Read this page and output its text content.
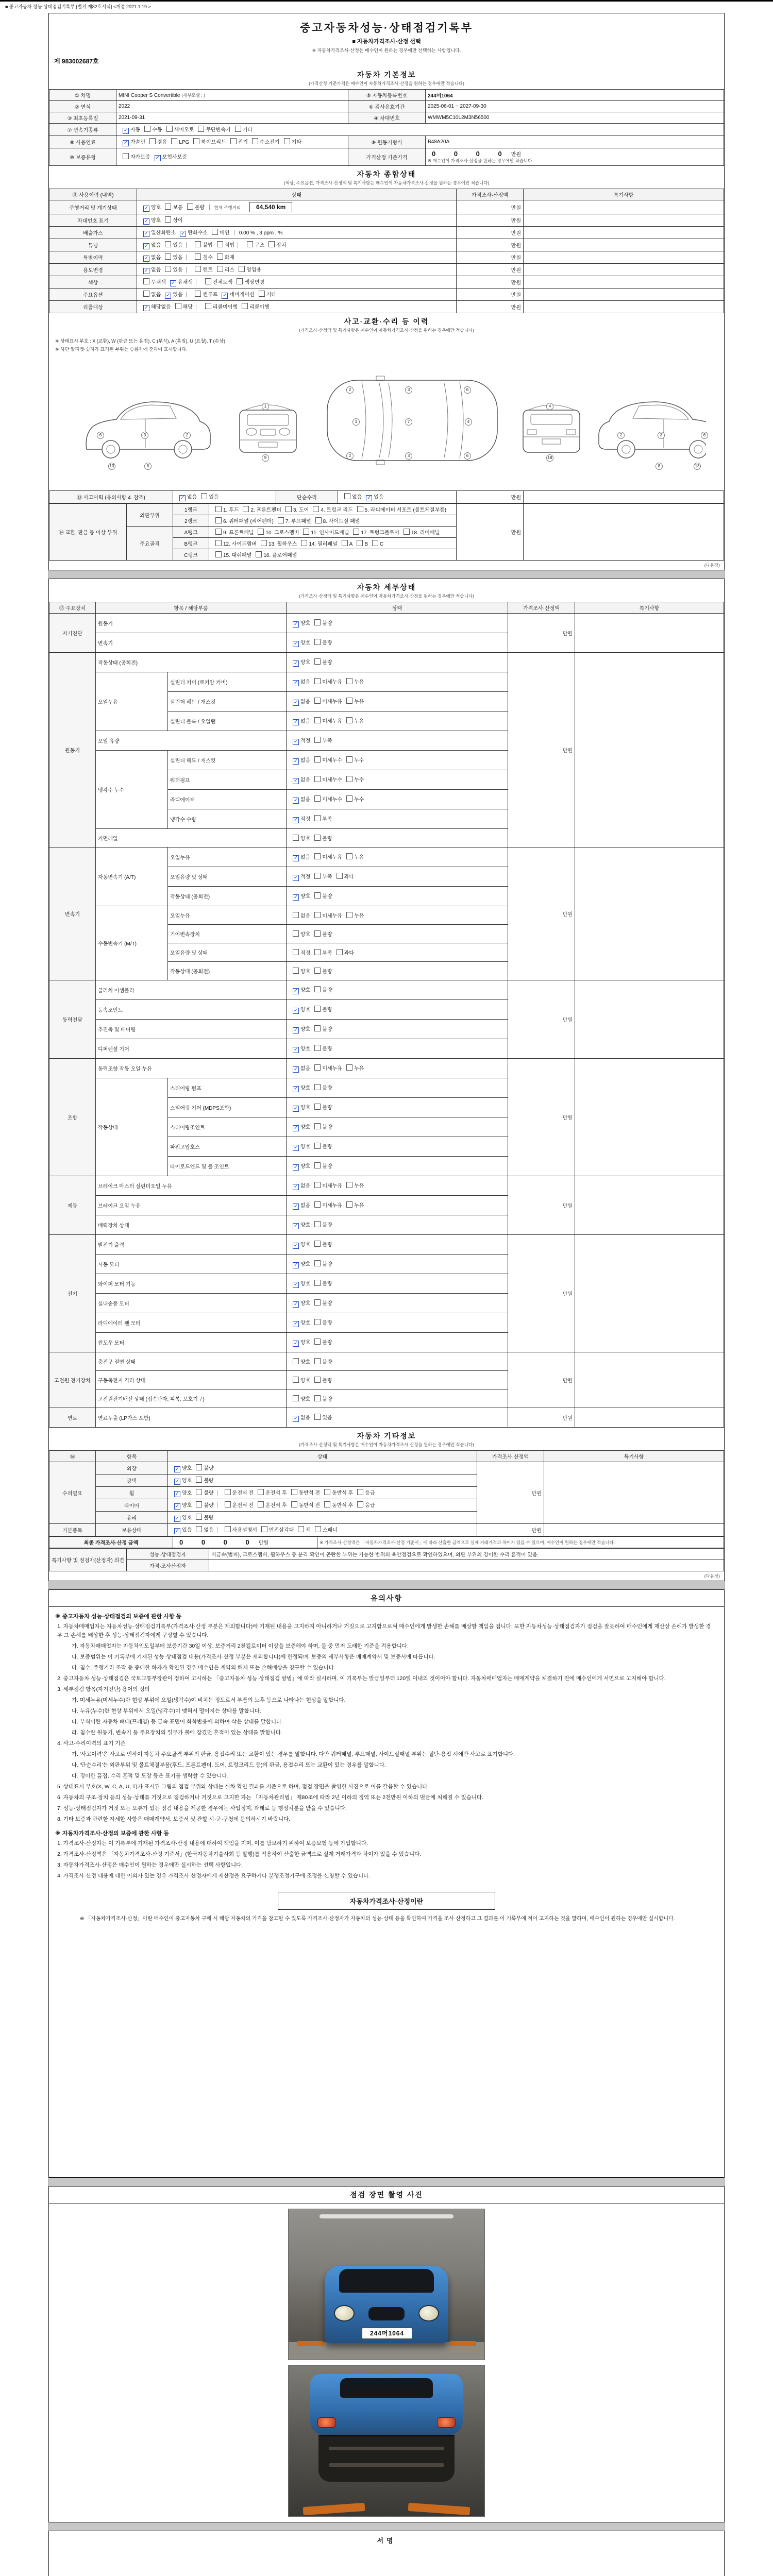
■ 중고자동차 성능·상태점검기록부 [별지 제82호서식] <개정 2021.1.19.>
중고자동차성능·상태점검기록부
■ 자동차가격조사·산정 선택
※ 자동차가격조사·산정은 매수인이 원하는 경우에만 선택하는 사항입니다.
제 983002687호
자동차 기본정보
(가격산정 기준가격은 매수인이 자동차가격조사·산정을 원하는 경우에만 적습니다)
① 차명	MINI Cooper S Convertible (세부모델 : )	⑤ 자동차등록번호	244머1064
② 연식	2022	⑥ 검사유효기간	2025-06-01 ~ 2027-09-30
③ 최초등록일	2021-09-31	④ 차대번호	WMWM5C10L2M3N56500
⑦ 변속기종류	✓ 자동 수동 세미오토 무단변속기 기타		
⑧ 사용연료	✓ 가솔린 경유 LPG 하이브리드 전기 수소전기 기타	⑨ 원동기형식	B48A20A
⑩ 보증유형	자가보증 ✓ 보험사보증	가격산정 기준가격	0 0 0 0 만원
※ 매수인이 가격조사·산정을 원하는 경우에만 적습니다
자동차 종합상태
(색상, 주요옵션, 가격조사·산정액 및 특기사항은 매수인이 자동차가격조사·산정을 원하는 경우에만 적습니다)
⑪ 사용이력 (내역)	상태	가격조사·산정액	특기사항
주행거리 및 계기상태	✓ 양호 보통 불량 현재 주행거리 64,540 km	만원	
차대번호 표기	✓ 양호 상이	만원	
배출가스	✓ 일산화탄소 ✓ 탄화수소 매연 0.00 % , 3 ppm , %	만원	
튜닝	✓ 없음 있음 불법 적법 구조 장치	만원	
특별이력	✓ 없음 있음 침수 화재	만원	
용도변경	✓ 없음 있음 렌트 리스 영업용	만원	
색상	무채색 ✓ 유채색 전체도색 색상변경	만원	
주요옵션	없음 ✓ 있음 썬루프 ✓ 네비게이션 기타	만원	
리콜대상	✓ 해당없음 해당 리콜미이행 리콜이행	만원	
사고·교환·수리 등 이력
(가격조사·산정액 및 특기사항은 매수인이 자동차가격조사·산정을 원하는 경우에만 적습니다)
※ 상태표시 부호 : X (교환), W (판금 또는 용접), C (부식), A (흠집), U (요철), T (손상)
※ 하단 알파벳·숫자가 표기된 부위는 승용차에 준하여 표시합니다.
1
9
2	3	6
1	7	4
2	3	6
4
18
13	8
3	2
6
13
8
3
2	6
⑬ 사고이력 (유의사항 4. 참조)	✓ 없음 있음	단순수리	없음 ✓ 있음	만원	
⑭ 교환, 판금 등 이상 부위	외판부위	1랭크	1. 후드 2. 프론트펜더 3. 도어 4. 트렁크 리드 5. 라디에이터 서포트 (볼트체결부품)	만원	
		2랭크	6. 쿼터패널 (리어펜더) 7. 루프패널 8. 사이드실 패널		
	주요골격	A랭크	9. 프론트패널 10. 크로스멤버 11. 인사이드패널 17. 트렁크플로어 18. 리어패널		
		B랭크	12. 사이드멤버 13. 휠하우스 14. 필러패널 A B C		
		C랭크	15. 대쉬패널 16. 플로어패널		
(다음장)
자동차 세부상태
(가격조사·산정액 및 특기사항은 매수인이 자동차가격조사·산정을 원하는 경우에만 적습니다)
⑮ 주요장치	항목 / 해당부품		상태	가격조사·산정액	특기사항
자기진단	원동기		✓ 양호 불량	만원	
	변속기		✓ 양호 불량		
원동기	작동상태 (공회전)		✓ 양호 불량	만원	
	오일누유	실린더 커버 (로커암 커버)	✓ 없음 미세누유 누유		
		실린더 헤드 / 개스킷	✓ 없음 미세누유 누유		
		실린더 블록 / 오일팬	✓ 없음 미세누유 누유		
	오일 유량		✓ 적정 부족		
	냉각수 누수	실린더 헤드 / 개스킷	✓ 없음 미세누수 누수		
		워터펌프	✓ 없음 미세누수 누수		
		라디에이터	✓ 없음 미세누수 누수		
		냉각수 수량	✓ 적정 부족		
	커먼레일		양호 불량		
변속기	자동변속기 (A/T)	오일누유	✓ 없음 미세누유 누유	만원	
		오일유량 및 상태	✓ 적정 부족 과다		
		작동상태 (공회전)	✓ 양호 불량		
	수동변속기 (M/T)	오일누유	없음 미세누유 누유		
		기어변속장치	양호 불량		
		오일유량 및 상태	적정 부족 과다		
		작동상태 (공회전)	양호 불량		
동력전달	클러치 어셈블리		✓ 양호 불량	만원	
	등속조인트		✓ 양호 불량		
	추진축 및 베어링		✓ 양호 불량		
	디퍼렌셜 기어		✓ 양호 불량		
조향	동력조향 작동 오일 누유		✓ 없음 미세누유 누유	만원	
	작동상태	스티어링 펌프	✓ 양호 불량		
		스티어링 기어 (MDPS포함)	✓ 양호 불량		
		스티어링조인트	✓ 양호 불량		
		파워고압호스	✓ 양호 불량		
		타이로드엔드 및 볼 조인트	✓ 양호 불량		
제동	브레이크 마스터 실린더오일 누유		✓ 없음 미세누유 누유	만원	
	브레이크 오일 누유		✓ 없음 미세누유 누유		
	배력장치 상태		✓ 양호 불량		
전기	발전기 출력		✓ 양호 불량	만원	
	시동 모터		✓ 양호 불량		
	와이퍼 모터 기능		✓ 양호 불량		
	실내송풍 모터		✓ 양호 불량		
	라디에이터 팬 모터		✓ 양호 불량		
	윈도우 모터		✓ 양호 불량		
고전원 전기장치	충전구 절연 상태		양호 불량	만원	
	구동축전지 격리 상태		양호 불량		
	고전원전기배선 상태 (접속단자, 피복, 보호기구)		양호 불량		
연료	연료누출 (LP가스 포함)		✓ 없음 있음	만원	
자동차 기타정보
(가격조사·산정액 및 특기사항은 매수인이 자동차가격조사·산정을 원하는 경우에만 적습니다)
⑯	항목	상태	가격조사·산정액	특기사항
수리필요	외장	✓ 양호 불량	만원	
	광택	✓ 양호 불량		
	휠	✓ 양호 불량 운전석 전 운전석 후 동반석 전 동반석 후 응급		
	타이어	✓ 양호 불량 운전석 전 운전석 후 동반석 전 동반석 후 응급		
	유리	✓ 양호 불량		
기본품목	보유상태	✓ 있음 없음 사용설명서 안전삼각대 잭 스패너	만원	
최종 가격조사·산정 금액	0 0 0 0 만원	※ 가격조사·산정액은 「자동차가격조사·산정 기준서」에 따라 산출한 금액으로 실제 거래가격과 차이가 있을 수 있으며, 매수인이 원하는 경우에만 적습니다.
특기사항 및 점검자(산정자) 의견	성능·상태점검자	비금속(범퍼), 크로스멤버, 휠하우스 등 분리·확인이 곤란한 부위는 가능한 범위의 육안점검으로 확인하였으며, 외판 부위의 경미한 수리 흔적이 있음.
	가격·조사산정자	
(다음장)
유의사항
※ 중고자동차 성능·상태점검의 보증에 관한 사항 등
1. 자동차매매업자는 자동차성능·상태점검기록부(가격조사·산정 부분은 제외합니다)에 기재된 내용을 고지하지 아니하거나 거짓으로 고지함으로써 매수인에게 발생한 손해를 배상할 책임을 집니다. 또한 자동차성능·상태점검자가 점검을 잘못하여 매수인에게 재산상 손해가 발생한 경우 그 손해를 배상한 후 성능·상태점검자에게 구상할 수 있습니다.
가. 자동차매매업자는 자동차인도일부터 보증기간 30일 이상, 보증거리 2천킬로미터 이상을 보증해야 하며, 둘 중 먼저 도래한 기준을 적용합니다.
나. 보증범위는 이 기록부에 기재된 성능·상태점검 내용(가격조사·산정 부분은 제외합니다)에 한정되며, 보증의 세부사항은 매매계약서 및 보증서에 따릅니다.
다. 침수, 주행거리 조작 등 중대한 하자가 확인된 경우 매수인은 계약의 해제 또는 손해배상을 청구할 수 있습니다.
2. 중고자동차 성능·상태점검은 국토교통부장관이 정하여 고시하는 「중고자동차 성능·상태점검 방법」에 따라 실시하며, 이 기록부는 발급일부터 120일 이내의 것이어야 합니다. 자동차매매업자는 매매계약을 체결하기 전에 매수인에게 서면으로 고지해야 합니다.
3. 세부점검 항목(자기진단) 용어의 정의
가. 미세누유(미세누수)란 현상 부위에 오일(냉각수)이 비치는 정도로서 부품의 노후 등으로 나타나는 현상을 말합니다.
나. 누유(누수)란 현상 부위에서 오일(냉각수)이 맺혀서 떨어지는 상태를 말합니다.
다. 부식이란 자동차 뼈대(프레임) 등 금속 표면이 화학반응에 의하여 삭은 상태를 말합니다.
라. 침수란 원동기, 변속기 등 주요장치의 일부가 물에 잠겼던 흔적이 있는 상태를 말합니다.
4. 사고·수리이력의 표기 기준
가. '사고이력'은 사고로 인하여 자동차 주요골격 부위의 판금, 용접수리 또는 교환이 있는 경우를 말합니다. 다만 쿼터패널, 루프패널, 사이드실패널 부위는 절단·용접 시에만 사고로 표기합니다.
나. '단순수리'는 외판부위 및 볼트체결부품(후드, 프론트펜더, 도어, 트렁크리드 등)의 판금, 용접수리 또는 교환이 있는 경우를 말합니다.
다. 경미한 흠집, 수리 흔적 및 도장 등은 표기를 생략할 수 있습니다.
5. 상태표시 부호(X, W, C, A, U, T)가 표시된 그림의 점검 부위와 상태는 실차 확인 결과를 기준으로 하며, 점검 장면을 촬영한 사진으로 이를 갈음할 수 있습니다.
6. 자동차의 구조·장치 등의 성능·상태를 거짓으로 점검하거나 거짓으로 고지한 자는 「자동차관리법」 제80조에 따라 2년 이하의 징역 또는 2천만원 이하의 벌금에 처해질 수 있습니다.
7. 성능·상태점검자가 거짓 또는 오류가 있는 점검 내용을 제공한 경우에는 사업정지, 과태료 등 행정처분을 받을 수 있습니다.
8. 기타 보증과 관련한 자세한 사항은 매매계약서, 보증서 및 관할 시·군·구청에 문의하시기 바랍니다.
※ 자동차가격조사·산정의 보증에 관한 사항 등
1. 가격조사·산정자는 이 기록부에 기재된 가격조사·산정 내용에 대하여 책임을 지며, 이를 담보하기 위하여 보증보험 등에 가입합니다.
2. 가격조사·산정액은 「자동차가격조사·산정 기준서」(한국자동차기술사회 등 발행)를 적용하여 산출한 금액으로 실제 거래가격과 차이가 있을 수 있습니다.
3. 자동차가격조사·산정은 매수인이 원하는 경우에만 실시하는 선택 사항입니다.
4. 가격조사·산정 내용에 대한 이의가 있는 경우 가격조사·산정자에게 재산정을 요구하거나 분쟁조정기구에 조정을 신청할 수 있습니다.
자동차가격조사·산정이란
※ 「자동차가격조사·산정」이란 매수인이 중고자동차 구매 시 해당 자동차의 가격을 참고할 수 있도록 가격조사·산정자가 자동차의 성능·상태 등을 확인하여 가격을 조사·산정하고 그 결과를 이 기록부에 적어 고지하는 것을 말하며, 매수인이 원하는 경우에만 실시합니다.
점검 장면 촬영 사진
244머1064
서명
